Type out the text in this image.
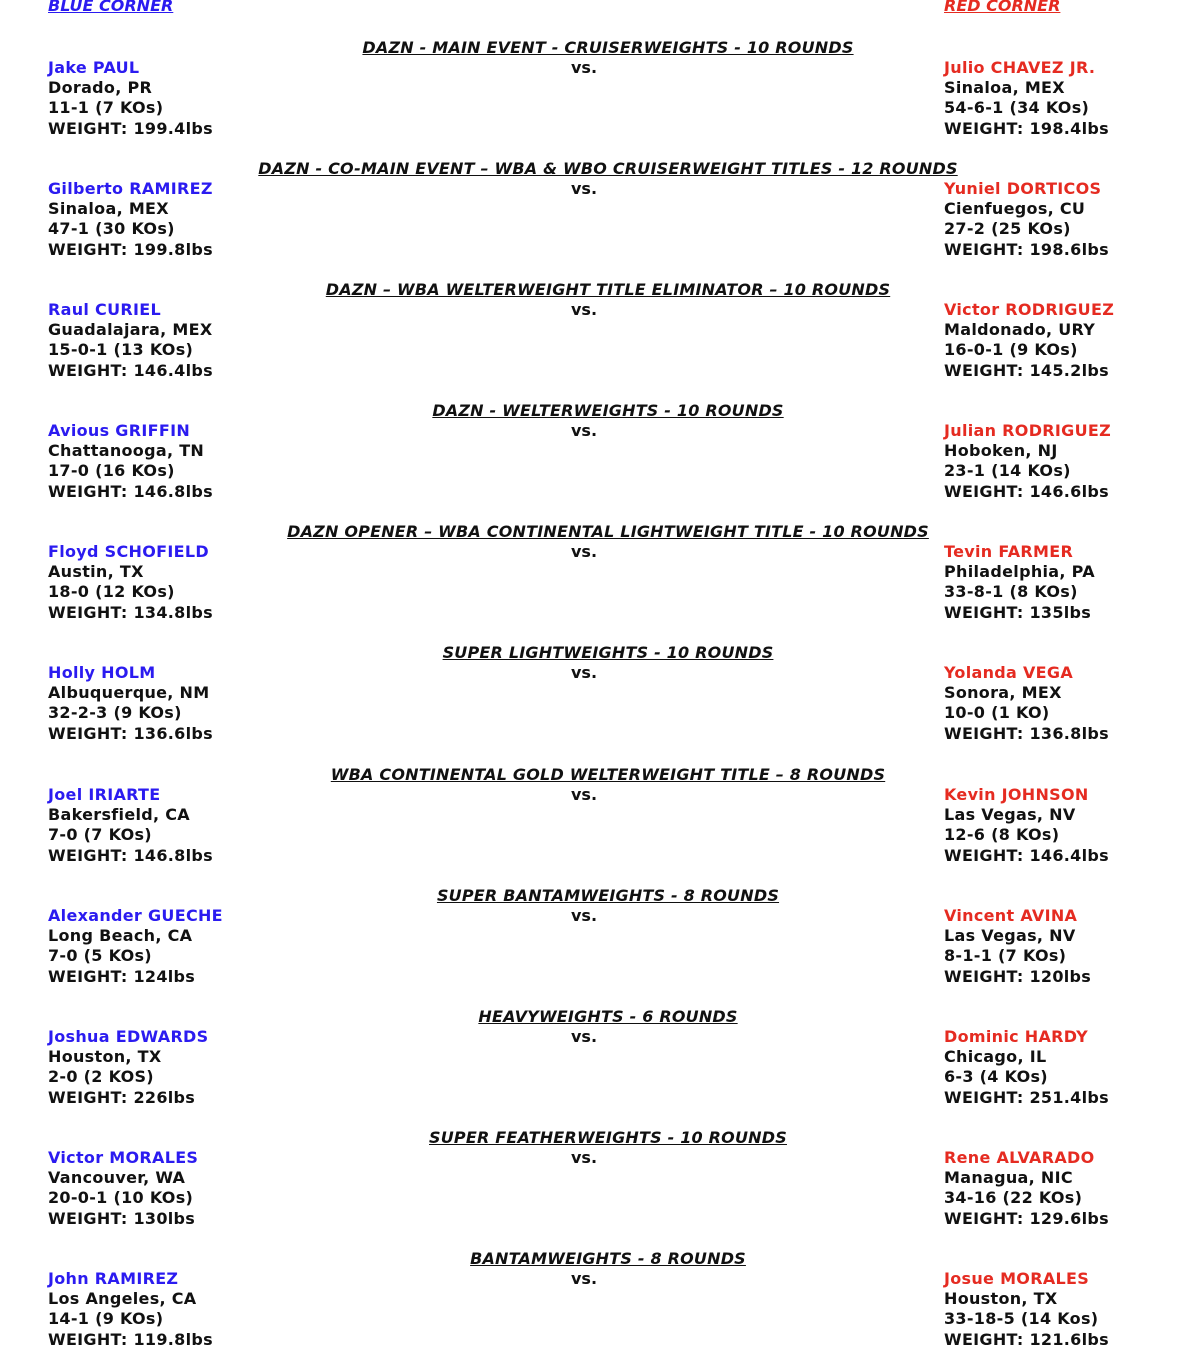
BLUE CORNER	RED CORNER
DAZN - MAIN EVENT - CRUISERWEIGHTS - 10 ROUNDS
vs.
Jake PAUL
Dorado, PR
11-1 (7 KOs)
WEIGHT: 199.4lbs
Julio CHAVEZ JR.
Sinaloa, MEX
54-6-1 (34 KOs)
WEIGHT: 198.4lbs
DAZN - CO-MAIN EVENT – WBA & WBO CRUISERWEIGHT TITLES - 12 ROUNDS
vs.
Gilberto RAMIREZ
Sinaloa, MEX
47-1 (30 KOs)
WEIGHT: 199.8lbs
Yuniel DORTICOS
Cienfuegos, CU
27-2 (25 KOs)
WEIGHT: 198.6lbs
DAZN – WBA WELTERWEIGHT TITLE ELIMINATOR – 10 ROUNDS
vs.
Raul CURIEL
Guadalajara, MEX
15-0-1 (13 KOs)
WEIGHT: 146.4lbs
Victor RODRIGUEZ
Maldonado, URY
16-0-1 (9 KOs)
WEIGHT: 145.2lbs
DAZN - WELTERWEIGHTS - 10 ROUNDS
vs.
Avious GRIFFIN
Chattanooga, TN
17-0 (16 KOs)
WEIGHT: 146.8lbs
Julian RODRIGUEZ
Hoboken, NJ
23-1 (14 KOs)
WEIGHT: 146.6lbs
DAZN OPENER – WBA CONTINENTAL LIGHTWEIGHT TITLE - 10 ROUNDS
vs.
Floyd SCHOFIELD
Austin, TX
18-0 (12 KOs)
WEIGHT: 134.8lbs
Tevin FARMER
Philadelphia, PA
33-8-1 (8 KOs)
WEIGHT: 135lbs
SUPER LIGHTWEIGHTS - 10 ROUNDS
vs.
Holly HOLM
Albuquerque, NM
32-2-3 (9 KOs)
WEIGHT: 136.6lbs
Yolanda VEGA
Sonora, MEX
10-0 (1 KO)
WEIGHT: 136.8lbs
WBA CONTINENTAL GOLD WELTERWEIGHT TITLE – 8 ROUNDS
vs.
Joel IRIARTE
Bakersfield, CA
7-0 (7 KOs)
WEIGHT: 146.8lbs
Kevin JOHNSON
Las Vegas, NV
12-6 (8 KOs)
WEIGHT: 146.4lbs
SUPER BANTAMWEIGHTS - 8 ROUNDS
vs.
Alexander GUECHE
Long Beach, CA
7-0 (5 KOs)
WEIGHT: 124lbs
Vincent AVINA
Las Vegas, NV
8-1-1 (7 KOs)
WEIGHT: 120lbs
HEAVYWEIGHTS - 6 ROUNDS
vs.
Joshua EDWARDS
Houston, TX
2-0 (2 KOS)
WEIGHT: 226lbs
Dominic HARDY
Chicago, IL
6-3 (4 KOs)
WEIGHT: 251.4lbs
SUPER FEATHERWEIGHTS - 10 ROUNDS
vs.
Victor MORALES
Vancouver, WA
20-0-1 (10 KOs)
WEIGHT: 130lbs
Rene ALVARADO
Managua, NIC
34-16 (22 KOs)
WEIGHT: 129.6lbs
BANTAMWEIGHTS - 8 ROUNDS
vs.
John RAMIREZ
Los Angeles, CA
14-1 (9 KOs)
WEIGHT: 119.8lbs
Josue MORALES
Houston, TX
33-18-5 (14 Kos)
WEIGHT: 121.6lbs
